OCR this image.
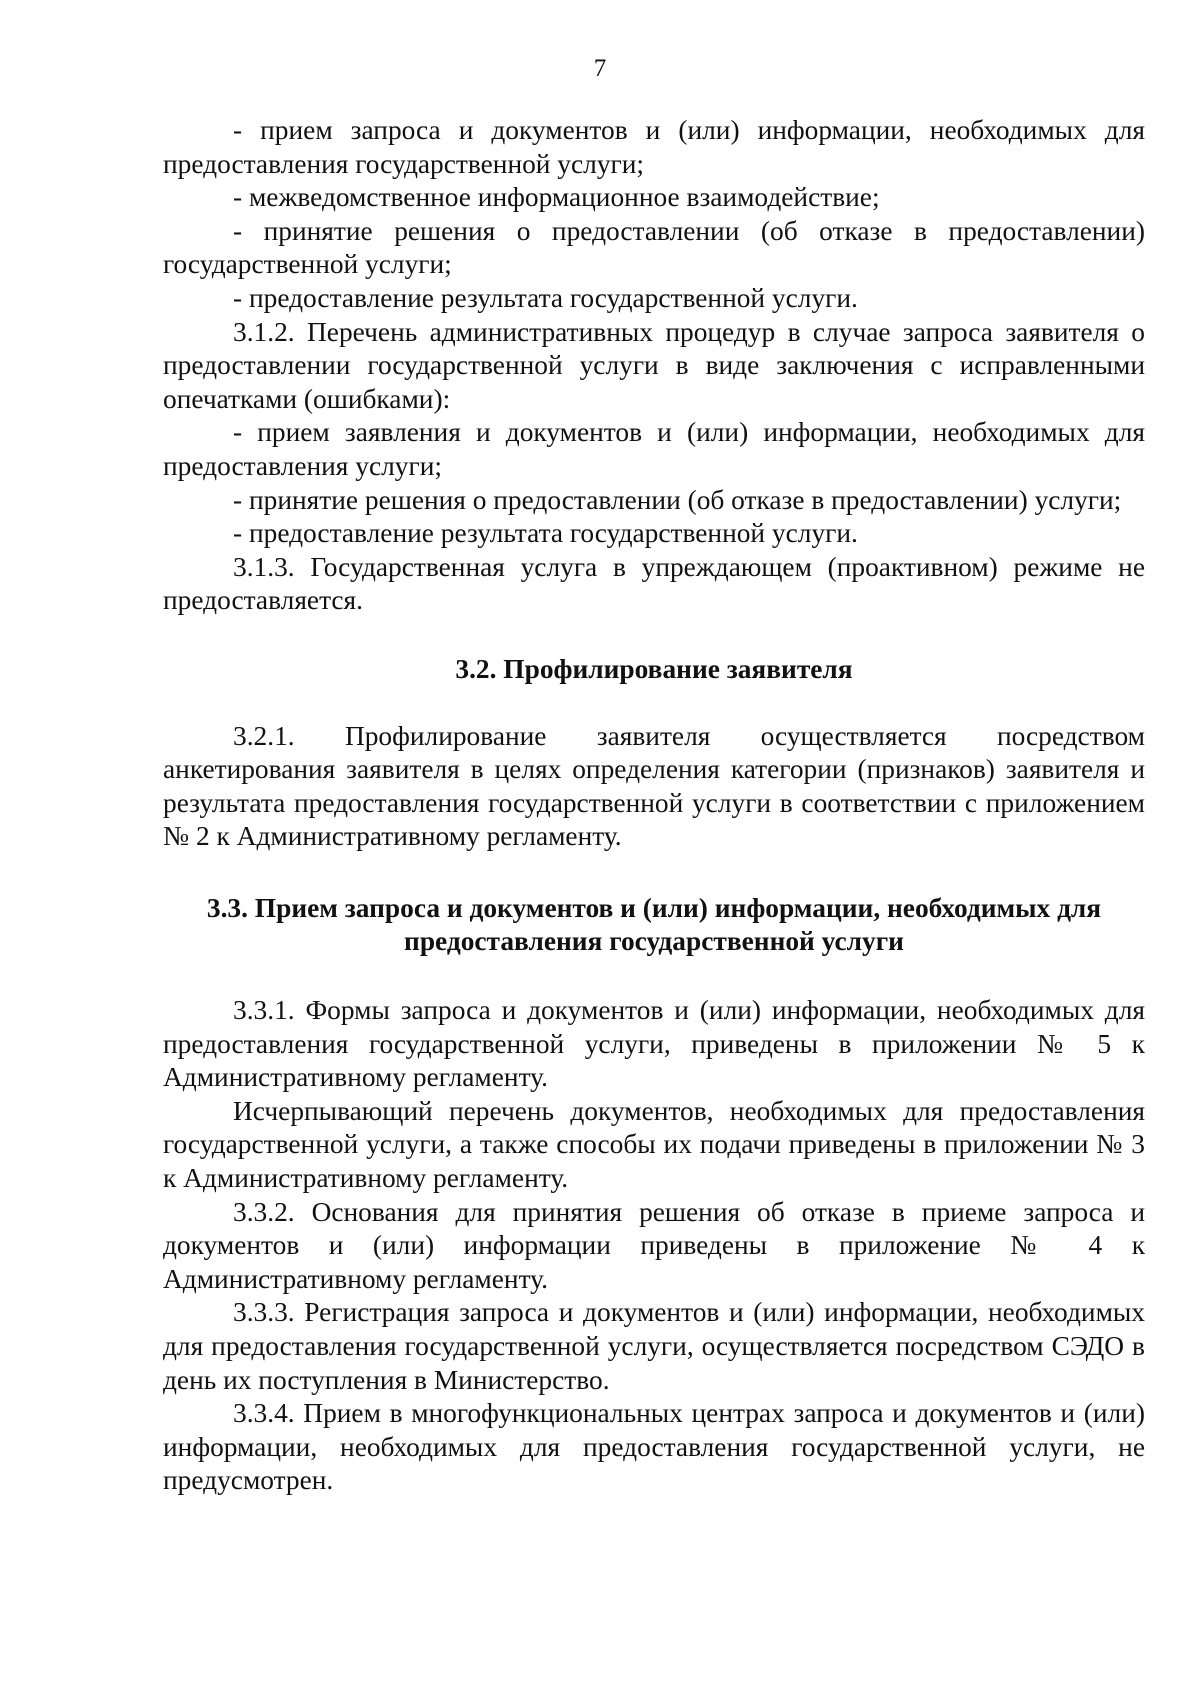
7

- прием запроса и документов и (или) информации, необходимых для предоставления государственной услуги;

- межведомственное информационное взаимодействие;

- принятие решения о предоставлении (об отказе в предоставлении) государственной услуги;

- предоставление результата государственной услуги.

3.1.2. Перечень административных процедур в случае запроса заявителя о предоставлении государственной услуги в виде заключения с исправленными опечатками (ошибками):

- прием заявления и документов и (или) информации, необходимых для предоставления услуги;

- принятие решения о предоставлении (об отказе в предоставлении) услуги;

- предоставление результата государственной услуги.

3.1.3. Государственная услуга в упреждающем (проактивном) режиме не предоставляется.

3.2. Профилирование заявителя

3.2.1. Профилирование заявителя осуществляется посредством анкетирования заявителя в целях определения категории (признаков) заявителя и результата предоставления государственной услуги в соответствии с приложением № 2 к Административному регламенту.

3.3. Прием запроса и документов и (или) информации, необходимых для предоставления государственной услуги

3.3.1. Формы запроса и документов и (или) информации, необходимых для предоставления государственной услуги, приведены в приложении № 5 к Административному регламенту.

Исчерпывающий перечень документов, необходимых для предоставления государственной услуги, а также способы их подачи приведены в приложении № 3 к Административному регламенту.

3.3.2. Основания для принятия решения об отказе в приеме запроса и документов и (или) информации приведены в приложение № 4 к Административному регламенту.

3.3.3. Регистрация запроса и документов и (или) информации, необходимых для предоставления государственной услуги, осуществляется посредством СЭДО в день их поступления в Министерство.

3.3.4. Прием в многофункциональных центрах запроса и документов и (или) информации, необходимых для предоставления государственной услуги, не предусмотрен.
